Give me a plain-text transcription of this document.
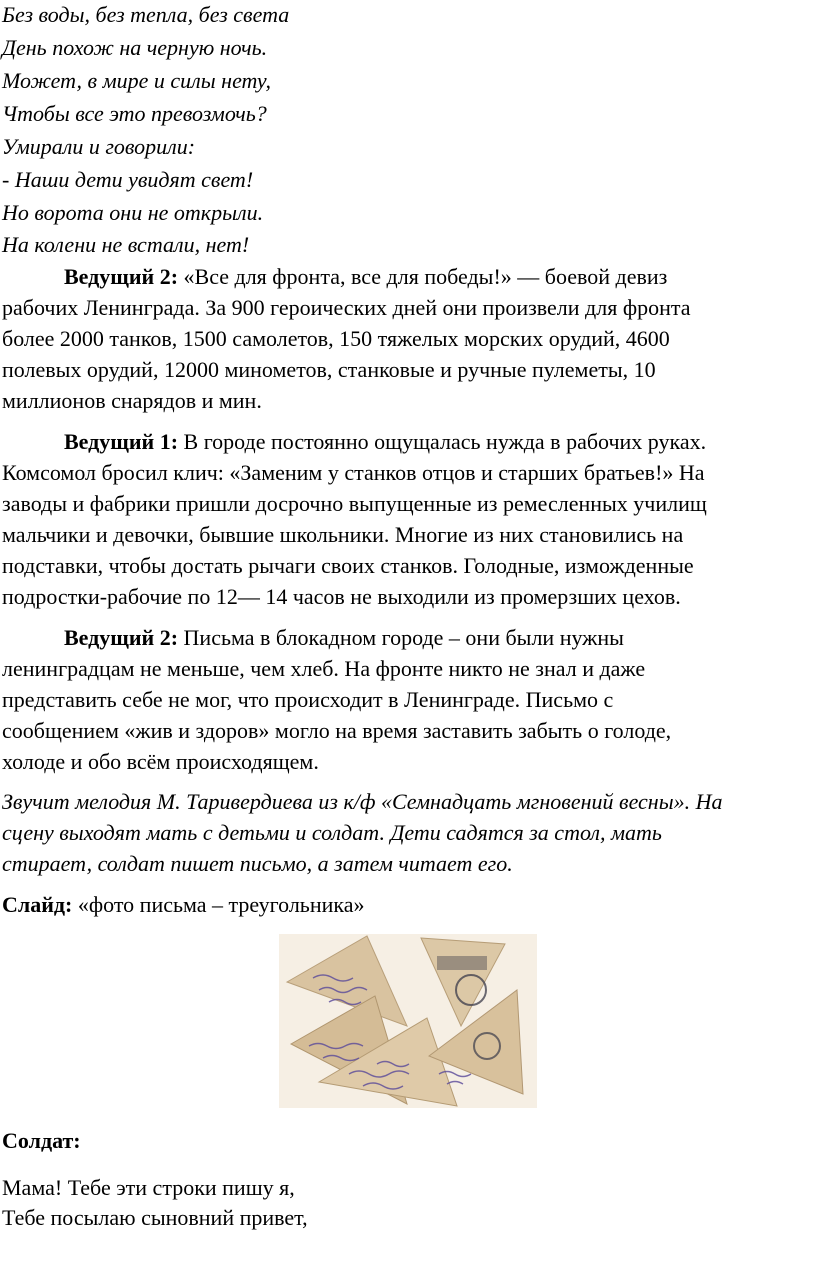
Без воды, без тепла, без света
День похож на черную ночь.
Может, в мире и силы нету,
Чтобы все это превозмочь?
Умирали и говорили:
- Наши дети увидят свет!
Но ворота они не открыли.
На колени не встали, нет!
Ведущий 2: «Все для фронта, все для победы!» — боевой девиз
рабочих Ленинграда. За 900 героических дней они произвели для фронта
более 2000 танков, 1500 самолетов, 150 тяжелых морских орудий, 4600
полевых орудий, 12000 минометов, станковые и ручные пулеметы, 10
миллионов снарядов и мин.
Ведущий 1: В городе постоянно ощущалась нужда в рабочих руках.
Комсомол бросил клич: «Заменим у станков отцов и старших братьев!» На
заводы и фабрики пришли досрочно выпущенные из ремесленных училищ
мальчики и девочки, бывшие школьники. Многие из них становились на
подставки, чтобы достать рычаги своих станков. Голодные, изможденные
подростки-рабочие по 12— 14 часов не выходили из промерзших цехов.
Ведущий 2: Письма в блокадном городе – они были нужны
ленинградцам не меньше, чем хлеб. На фронте никто не знал и даже
представить себе не мог, что происходит в Ленинграде. Письмо с
сообщением «жив и здоров» могло на время заставить забыть о голоде,
холоде и обо всём происходящем.
Звучит мелодия М. Таривердиева из к/ф «Семнадцать мгновений весны». На
сцену выходят мать с детьми и солдат. Дети садятся за стол, мать
стирает, солдат пишет письмо, а затем читает его.
Слайд: «фото письма – треугольника»
Солдат:
Мама! Тебе эти строки пишу я,
Тебе посылаю сыновний привет,
